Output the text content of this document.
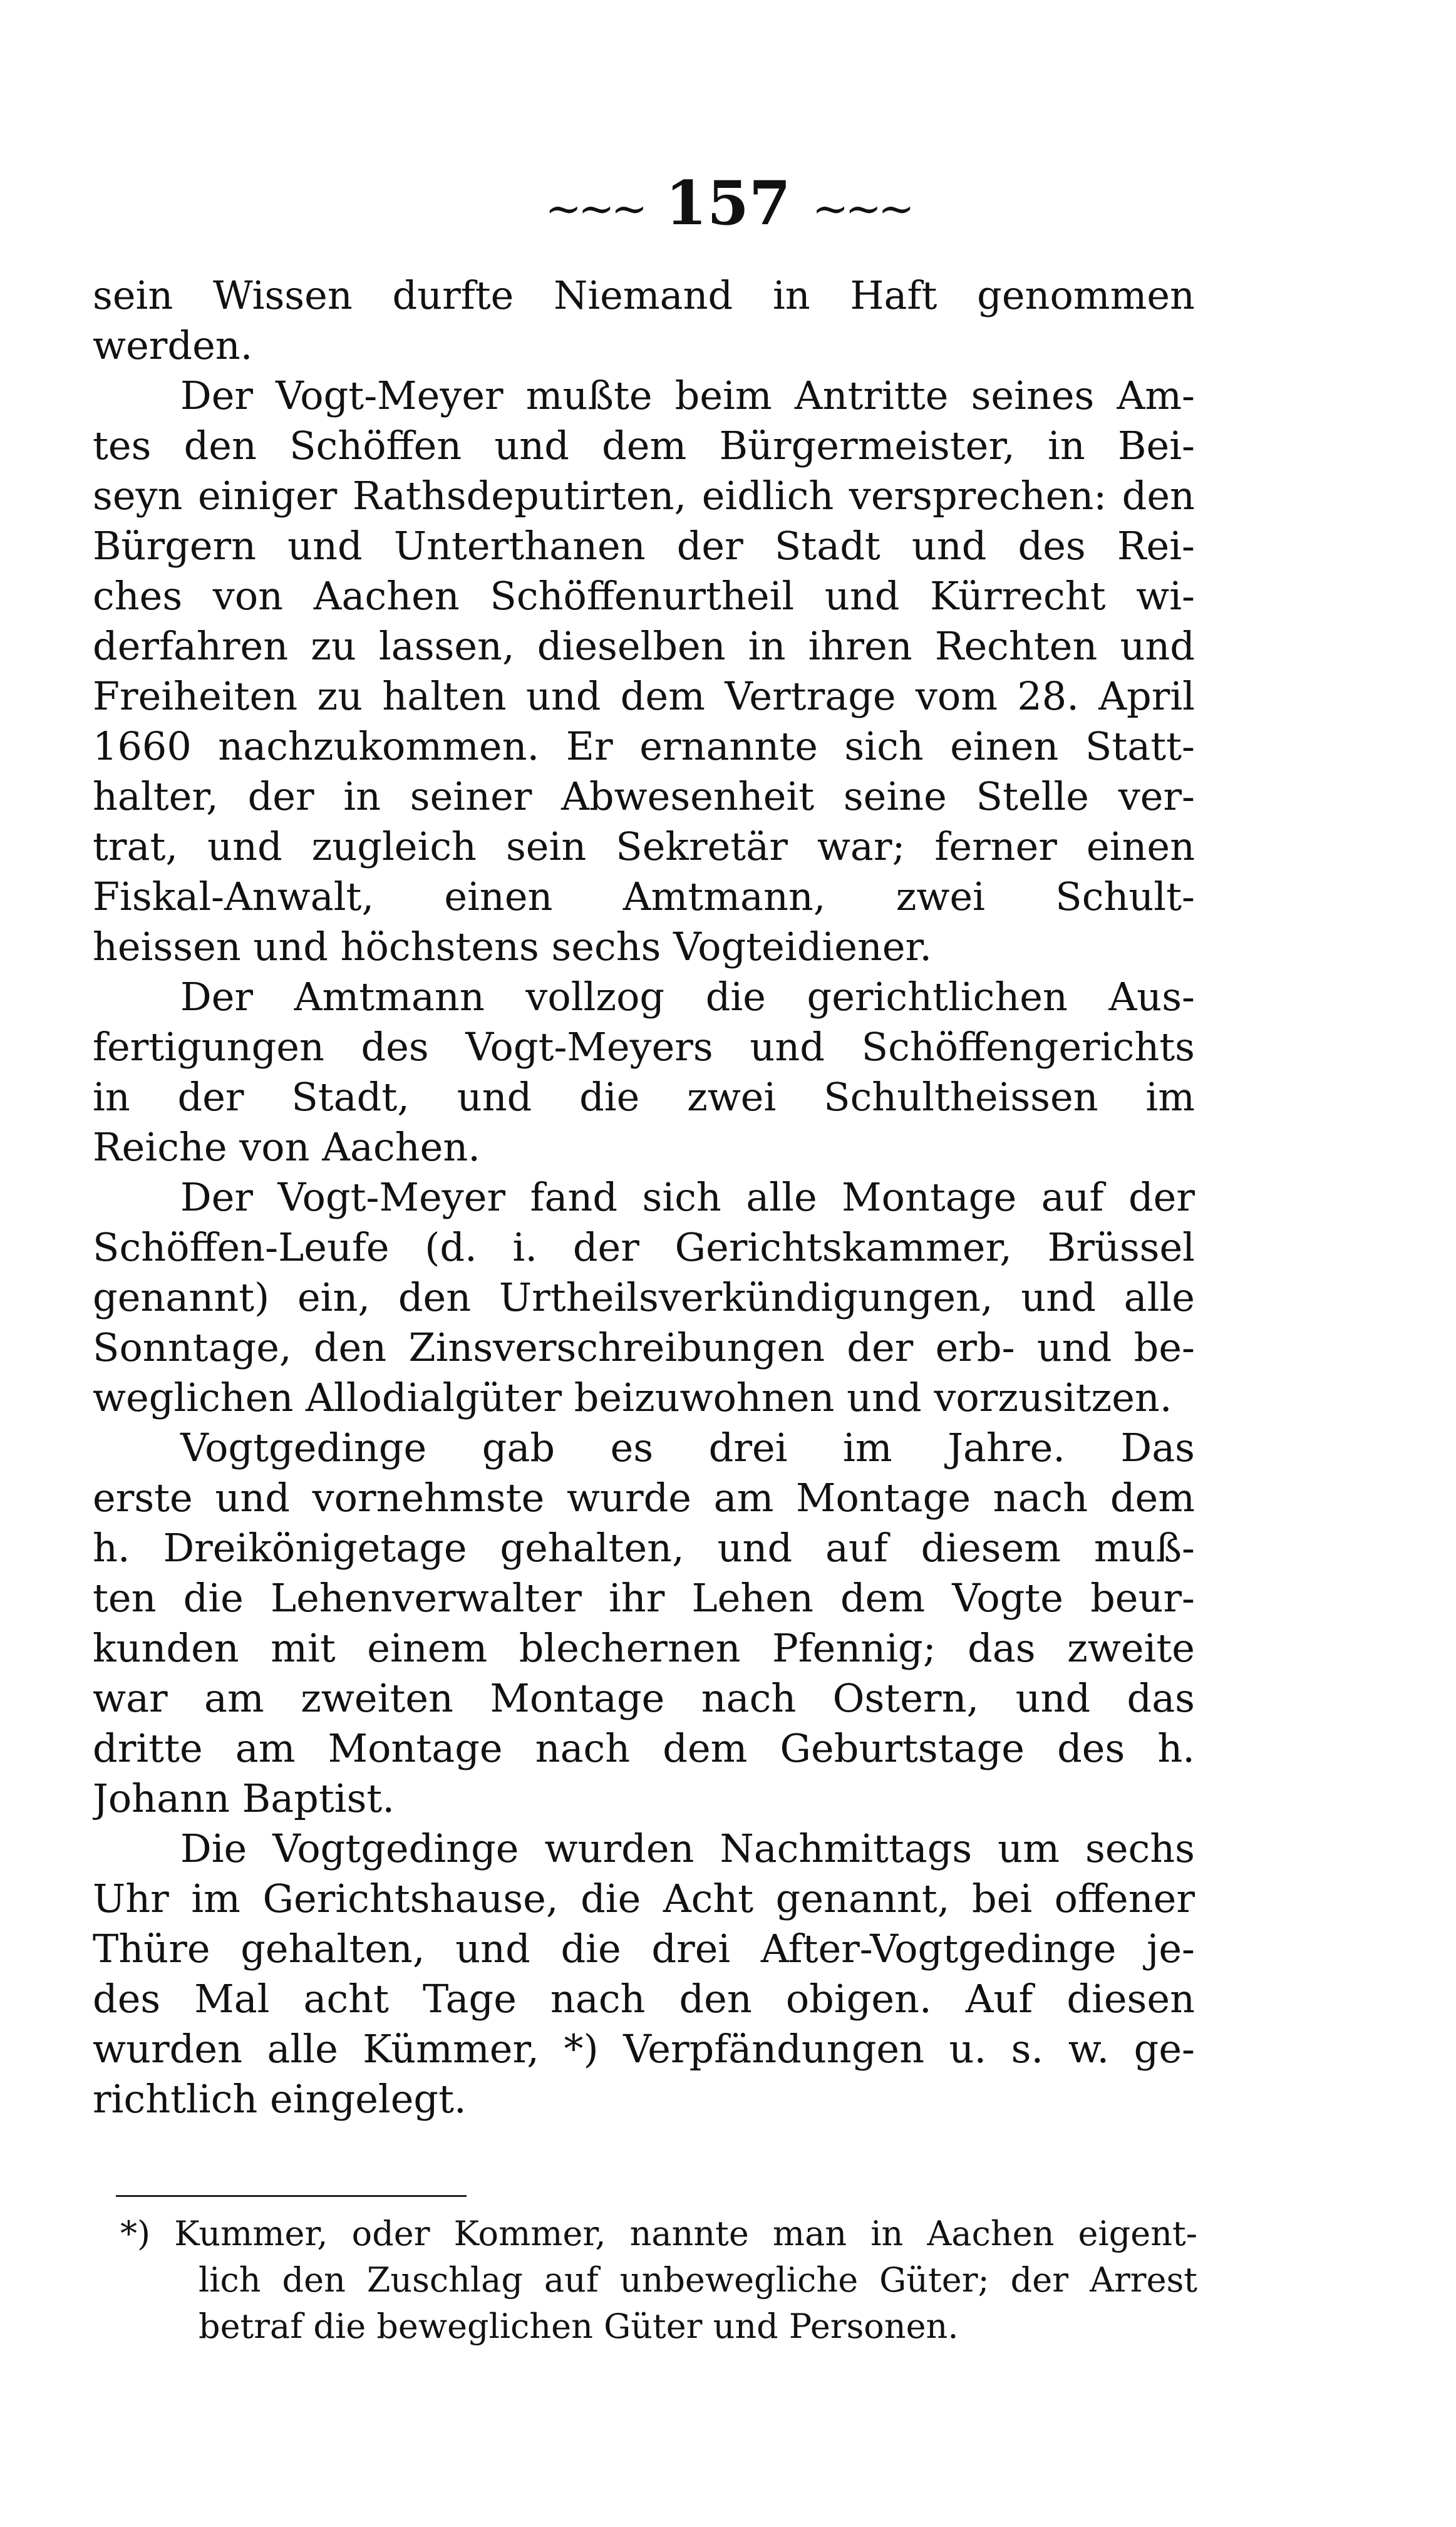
~~~ 157 ~~~
sein Wissen durfte Niemand in Haft genommen
werden.
Der Vogt-Meyer mußte beim Antritte seines Am-
tes den Schöffen und dem Bürgermeister, in Bei-
seyn einiger Rathsdeputirten, eidlich versprechen: den
Bürgern und Unterthanen der Stadt und des Rei-
ches von Aachen Schöffenurtheil und Kürrecht wi-
derfahren zu lassen, dieselben in ihren Rechten und
Freiheiten zu halten und dem Vertrage vom 28. April
1660 nachzukommen. Er ernannte sich einen Statt-
halter, der in seiner Abwesenheit seine Stelle ver-
trat, und zugleich sein Sekretär war; ferner einen
Fiskal-Anwalt, einen Amtmann, zwei Schult-
heissen und höchstens sechs Vogteidiener.
Der Amtmann vollzog die gerichtlichen Aus-
fertigungen des Vogt-Meyers und Schöffengerichts
in der Stadt, und die zwei Schultheissen im
Reiche von Aachen.
Der Vogt-Meyer fand sich alle Montage auf der
Schöffen-Leufe (d. i. der Gerichtskammer, Brüssel
genannt) ein, den Urtheilsverkündigungen, und alle
Sonntage, den Zinsverschreibungen der erb- und be-
weglichen Allodialgüter beizuwohnen und vorzusitzen.
Vogtgedinge gab es drei im Jahre. Das
erste und vornehmste wurde am Montage nach dem
h. Dreikönigetage gehalten, und auf diesem muß-
ten die Lehenverwalter ihr Lehen dem Vogte beur-
kunden mit einem blechernen Pfennig; das zweite
war am zweiten Montage nach Ostern, und das
dritte am Montage nach dem Geburtstage des h.
Johann Baptist.
Die Vogtgedinge wurden Nachmittags um sechs
Uhr im Gerichtshause, die Acht genannt, bei offener
Thüre gehalten, und die drei After-Vogtgedinge je-
des Mal acht Tage nach den obigen. Auf diesen
wurden alle Kümmer, *) Verpfändungen u. s. w. ge-
richtlich eingelegt.
*) Kummer, oder Kommer, nannte man in Aachen eigent-
lich den Zuschlag auf unbewegliche Güter; der Arrest
betraf die beweglichen Güter und Personen.
